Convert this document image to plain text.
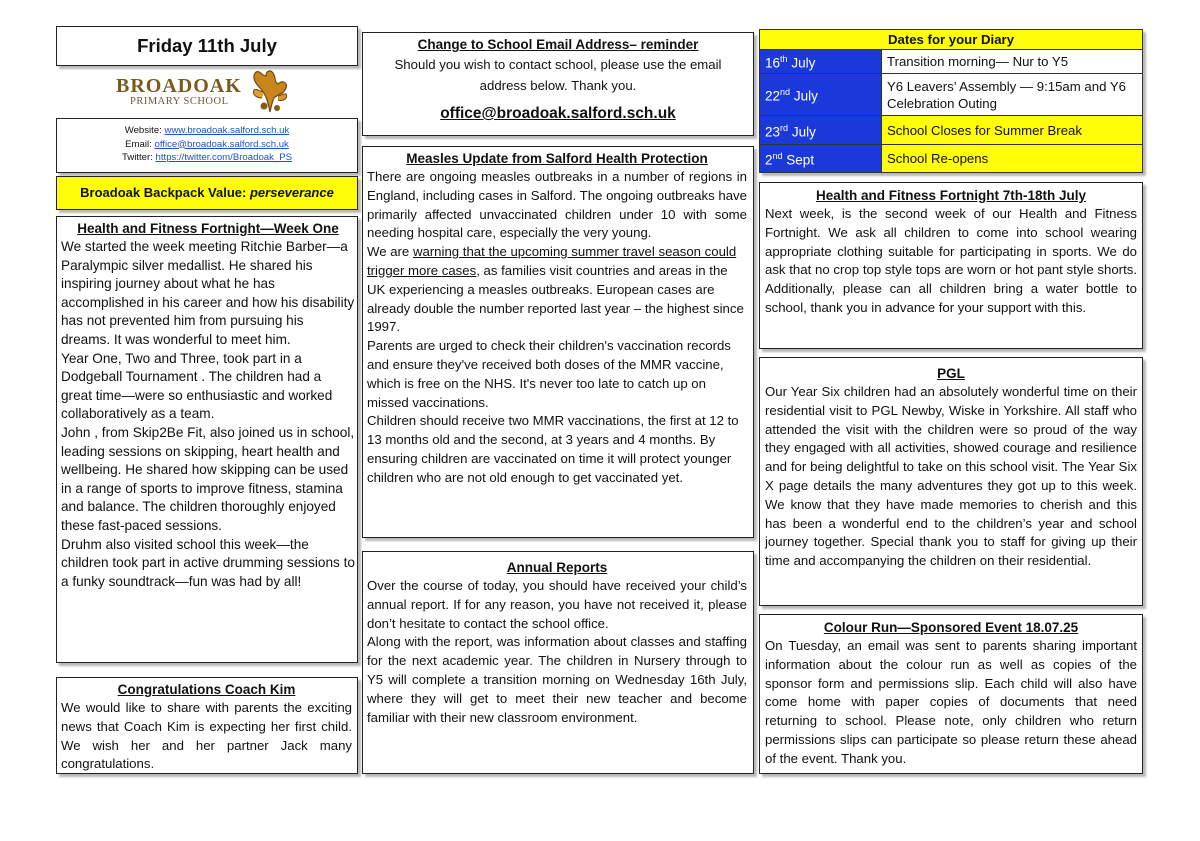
Friday 11th July
BROADOAK
PRIMARY SCHOOL
Website: www.broadoak.salford.sch.uk
Email: office@broadoak.salford.sch.uk
Twitter: https://twitter.com/Broadoak_PS
Broadoak Backpack Value: perseverance
Health and Fitness Fortnight—Week One
We started the week meeting Ritchie Barber—a Paralympic silver medallist. He shared his inspiring journey about what he has accomplished in his career and how his disability has not prevented him from pursuing his dreams. It was wonderful to meet him.
Year One, Two and Three, took part in a Dodgeball Tournament . The children had a great time—were so enthusiastic and worked collaboratively as a team.
John , from Skip2Be Fit, also joined us in school, leading sessions on skipping, heart health and wellbeing. He shared how skipping can be used in a range of sports to improve fitness, stamina and balance. The children thoroughly enjoyed these fast-paced sessions.
Druhm also visited school this week—the children took part in active drumming sessions to a funky soundtrack—fun was had by all!
Congratulations Coach Kim
We would like to share with parents the exciting news that Coach Kim is expecting her first child. We wish her and her partner Jack many congratulations.
Change to School Email Address– reminder
Should you wish to contact school, please use the email address below. Thank you.
office@broadoak.salford.sch.uk
Measles Update from Salford Health Protection
There are ongoing measles outbreaks in a number of regions in England, including cases in Salford. The ongoing outbreaks have primarily affected unvaccinated children under 10 with some needing hospital care, especially the very young.
We are warning that the upcoming summer travel season could trigger more cases, as families visit countries and areas in the UK experiencing a measles outbreaks. European cases are already double the number reported last year – the highest since 1997.
Parents are urged to check their children's vaccination records and ensure they've received both doses of the MMR vaccine, which is free on the NHS. It's never too late to catch up on missed vaccinations.
Children should receive two MMR vaccinations, the first at 12 to 13 months old and the second, at 3 years and 4 months. By ensuring children are vaccinated on time it will protect younger children who are not old enough to get vaccinated yet.
Annual Reports
Over the course of today, you should have received your child’s annual report. If for any reason, you have not received it, please don’t hesitate to contact the school office.
Along with the report, was information about classes and staffing for the next academic year. The children in Nursery through to Y5 will complete a transition morning on Wednesday 16th July, where they will get to meet their new teacher and become familiar with their new classroom environment.
Dates for your Diary	
16th July	Transition morning— Nur to Y5
22nd July	Y6 Leavers’ Assembly — 9:15am and Y6 Celebration Outing
23rd July	School Closes for Summer Break
2nd Sept	School Re-opens
Health and Fitness Fortnight 7th-18th July
Next week, is the second week of our Health and Fitness Fortnight. We ask all children to come into school wearing appropriate clothing suitable for participating in sports. We do ask that no crop top style tops are worn or hot pant style shorts. Additionally, please can all children bring a water bottle to school, thank you in advance for your support with this.
PGL
Our Year Six children had an absolutely wonderful time on their residential visit to PGL Newby, Wiske in Yorkshire. All staff who attended the visit with the children were so proud of the way they engaged with all activities, showed courage and resilience and for being delightful to take on this school visit. The Year Six X page details the many adventures they got up to this week. We know that they have made memories to cherish and this has been a wonderful end to the children’s year and school journey together. Special thank you to staff for giving up their time and accompanying the children on their residential.
Colour Run—Sponsored Event 18.07.25
On Tuesday, an email was sent to parents sharing important information about the colour run as well as copies of the sponsor form and permissions slip. Each child will also have come home with paper copies of documents that need returning to school. Please note, only children who return permissions slips can participate so please return these ahead of the event. Thank you.
